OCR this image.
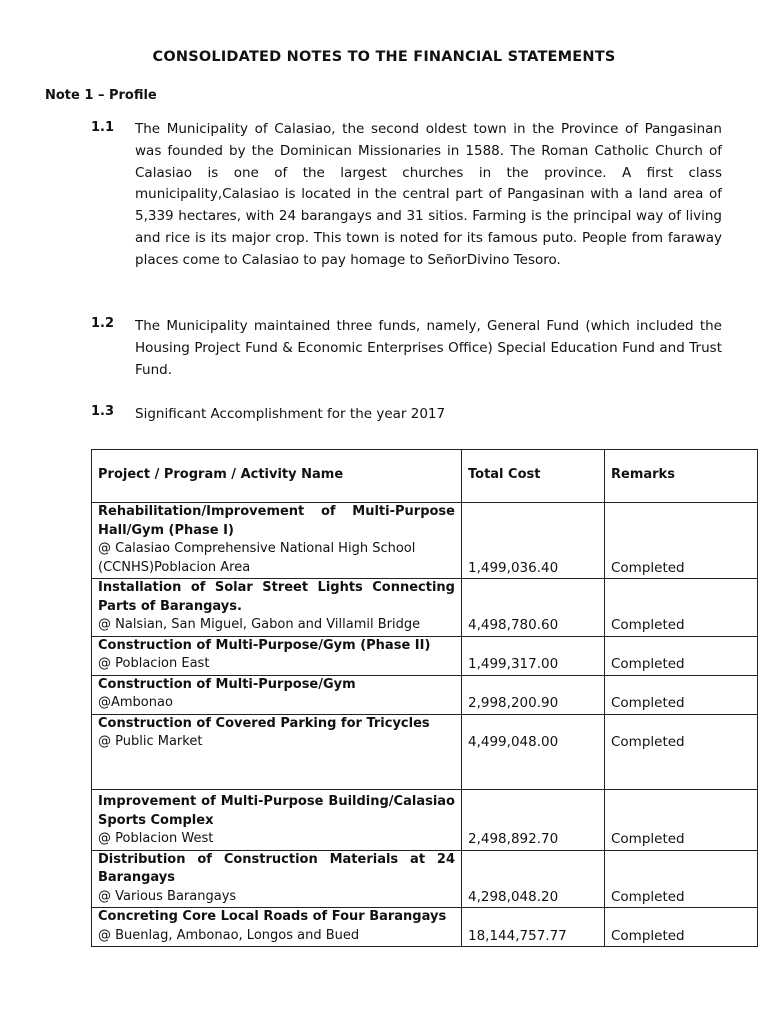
CONSOLIDATED NOTES TO THE FINANCIAL STATEMENTS
Note 1 – Profile
1.1 The Municipality of Calasiao, the second oldest town in the Province of Pangasinan was founded by the Dominican Missionaries in 1588. The Roman Catholic Church of Calasiao is one of the largest churches in the province. A first class municipality,Calasiao is located in the central part of Pangasinan with a land area of 5,339 hectares, with 24 barangays and 31 sitios. Farming is the principal way of living and rice is its major crop. This town is noted for its famous puto. People from faraway places come to Calasiao to pay homage to SeñorDivino Tesoro.
1.2 The Municipality maintained three funds, namely, General Fund (which included the Housing Project Fund & Economic Enterprises Office) Special Education Fund and Trust Fund.
1.3 Significant Accomplishment for the year 2017
Project / Program / Activity Name	Total Cost	Remarks

Rehabilitation/Improvement of Multi-Purpose Hall/Gym (Phase I)
@ Calasiao Comprehensive National High School (CCNHS)Poblacion Area	1,499,036.40	Completed

Installation of Solar Street Lights Connecting Parts of Barangays.
@ Nalsian, San Miguel, Gabon and Villamil Bridge	4,498,780.60	Completed

Construction of Multi-Purpose/Gym (Phase II)
@ Poblacion East	1,499,317.00	Completed

Construction of Multi-Purpose/Gym
@Ambonao	2,998,200.90	Completed

Construction of Covered Parking for Tricycles
@ Public Market	4,499,048.00	Completed

Improvement of Multi-Purpose Building/Calasiao Sports Complex
@ Poblacion West	2,498,892.70	Completed

Distribution of Construction Materials at 24 Barangays
@ Various Barangays	4,298,048.20	Completed

Concreting Core Local Roads of Four Barangays
@ Buenlag, Ambonao, Longos and Bued	18,144,757.77	Completed
